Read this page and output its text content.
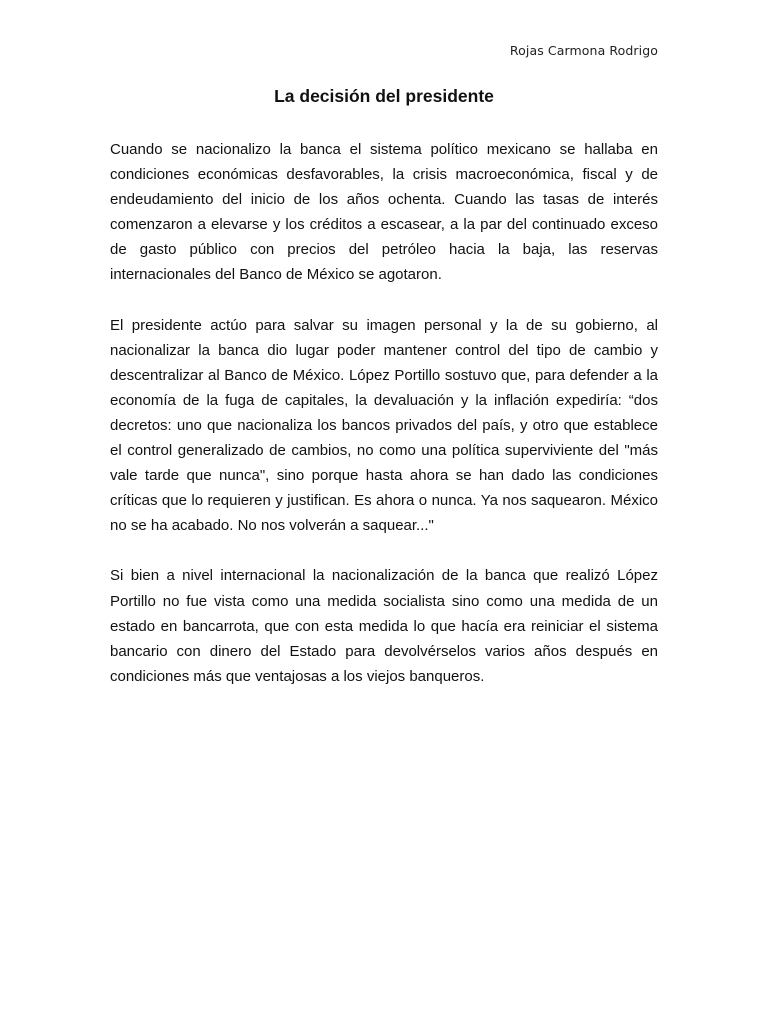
Rojas Carmona Rodrigo
La decisión del presidente

Cuando se nacionalizo la banca el sistema político mexicano se hallaba en condiciones económicas desfavorables, la crisis macroeconómica, fiscal y de endeudamiento del inicio de los años ochenta. Cuando las tasas de interés comenzaron a elevarse y los créditos a escasear, a la par del continuado exceso de gasto público con precios del petróleo hacia la baja, las reservas internacionales del Banco de México se agotaron.

El presidente actúo para salvar su imagen personal y la de su gobierno, al nacionalizar la banca dio lugar poder mantener control del tipo de cambio y descentralizar al Banco de México. López Portillo sostuvo que, para defender a la economía de la fuga de capitales, la devaluación y la inflación expediría: “dos decretos: uno que nacionaliza los bancos privados del país, y otro que establece el control generalizado de cambios, no como una política superviviente del "más vale tarde que nunca", sino porque hasta ahora se han dado las condiciones críticas que lo requieren y justifican. Es ahora o nunca. Ya nos saquearon. México no se ha acabado. No nos volverán a saquear..."

Si bien a nivel internacional la nacionalización de la banca que realizó López Portillo no fue vista como una medida socialista sino como una medida de un estado en bancarrota, que con esta medida lo que hacía era reiniciar el sistema bancario con dinero del Estado para devolvérselos varios años después en condiciones más que ventajosas a los viejos banqueros.
